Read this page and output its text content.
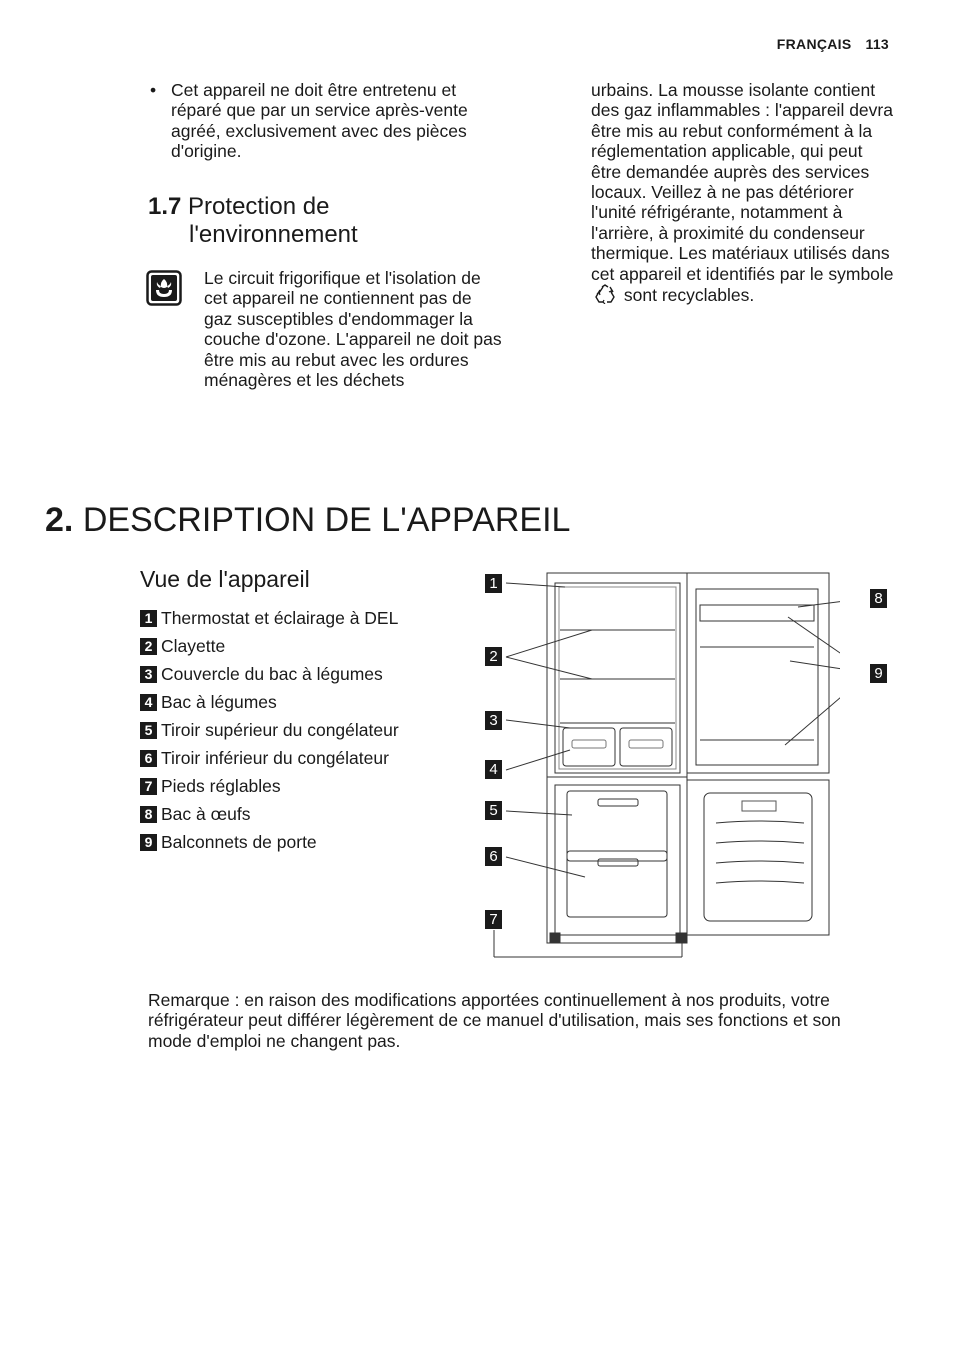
FRANÇAIS 113
• Cet appareil ne doit être entretenu et réparé que par un service après-vente agréé, exclusivement avec des pièces d'origine.
1.7 Protection de
l'environnement
Le circuit frigorifique et l'isolation de cet appareil ne contiennent pas de gaz susceptibles d'endommager la couche d'ozone. L'appareil ne doit pas être mis au rebut avec les ordures ménagères et les déchets
urbains. La mousse isolante contient des gaz inflammables : l'appareil devra être mis au rebut conformément à la réglementation applicable, qui peut être demandée auprès des services locaux. Veillez à ne pas détériorer l'unité réfrigérante, notamment à l'arrière, à proximité du condenseur thermique. Les matériaux utilisés dans cet appareil et identifiés par le symbole  sont recyclables.
2. DESCRIPTION DE L'APPAREIL
Vue de l'appareil
1 Thermostat et éclairage à DEL
2 Clayette
3 Couvercle du bac à légumes
4 Bac à légumes
5 Tiroir supérieur du congélateur
6 Tiroir inférieur du congélateur
7 Pieds réglables
8 Bac à œufs
9 Balconnets de porte
1
2
3
4
5
6
7
8
9
Remarque : en raison des modifications apportées continuellement à nos produits, votre réfrigérateur peut différer légèrement de ce manuel d'utilisation, mais ses fonctions et son mode d'emploi ne changent pas.
